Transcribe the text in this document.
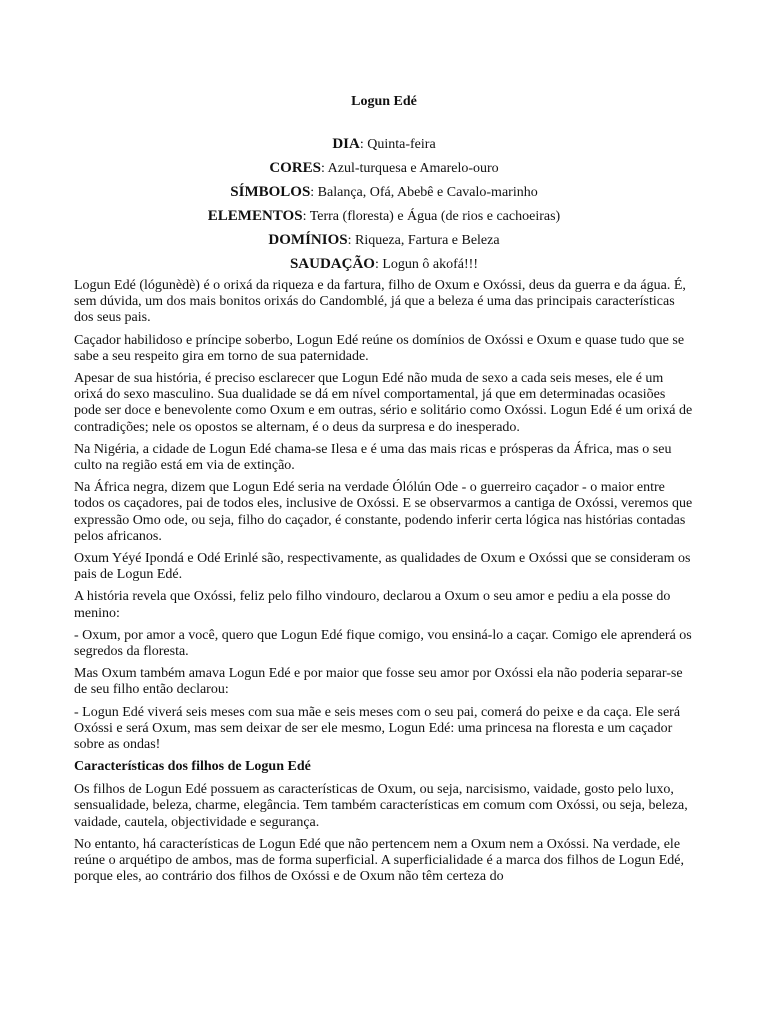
Logun Edé
DIA: Quinta-feira
CORES: Azul-turquesa e Amarelo-ouro
SÍMBOLOS: Balança, Ofá, Abebê e Cavalo-marinho
ELEMENTOS: Terra (floresta) e Água (de rios e cachoeiras)
DOMÍNIOS: Riqueza, Fartura e Beleza
SAUDAÇÃO: Logun ô akofá!!!

Logun Edé (lógunèdè) é o orixá da riqueza e da fartura, filho de Oxum e Oxóssi, deus da guerra e da água. É, sem dúvida, um dos mais bonitos orixás do Candomblé, já que a beleza é uma das principais características dos seus pais.

Caçador habilidoso e príncipe soberbo, Logun Edé reúne os domínios de Oxóssi e Oxum e quase tudo que se sabe a seu respeito gira em torno de sua paternidade.

Apesar de sua história, é preciso esclarecer que Logun Edé não muda de sexo a cada seis meses, ele é um orixá do sexo masculino. Sua dualidade se dá em nível comportamental, já que em determinadas ocasiões pode ser doce e benevolente como Oxum e em outras, sério e solitário como Oxóssi. Logun Edé é um orixá de contradições; nele os opostos se alternam, é o deus da surpresa e do inesperado.

Na Nigéria, a cidade de Logun Edé chama-se Ilesa e é uma das mais ricas e prósperas da África, mas o seu culto na região está em via de extinção.

Na África negra, dizem que Logun Edé seria na verdade Ólólún Ode - o guerreiro caçador - o maior entre todos os caçadores, pai de todos eles, inclusive de Oxóssi. E se observarmos a cantiga de Oxóssi, veremos que expressão Omo ode, ou seja, filho do caçador, é constante, podendo inferir certa lógica nas histórias contadas pelos africanos.

Oxum Yéyé Ipondá e Odé Erinlé são, respectivamente, as qualidades de Oxum e Oxóssi que se consideram os pais de Logun Edé.

A história revela que Oxóssi, feliz pelo filho vindouro, declarou a Oxum o seu amor e pediu a ela posse do menino:

- Oxum, por amor a você, quero que Logun Edé fique comigo, vou ensiná-lo a caçar. Comigo ele aprenderá os segredos da floresta.

Mas Oxum também amava Logun Edé e por maior que fosse seu amor por Oxóssi ela não poderia separar-se de seu filho então declarou:

- Logun Edé viverá seis meses com sua mãe e seis meses com o seu pai, comerá do peixe e da caça. Ele será Oxóssi e será Oxum, mas sem deixar de ser ele mesmo, Logun Edé: uma princesa na floresta e um caçador sobre as ondas!

Características dos filhos de Logun Edé

Os filhos de Logun Edé possuem as características de Oxum, ou seja, narcisismo, vaidade, gosto pelo luxo, sensualidade, beleza, charme, elegância. Tem também características em comum com Oxóssi, ou seja, beleza, vaidade, cautela, objectividade e segurança.

No entanto, há características de Logun Edé que não pertencem nem a Oxum nem a Oxóssi. Na verdade, ele reúne o arquétipo de ambos, mas de forma superficial. A superficialidade é a marca dos filhos de Logun Edé, porque eles, ao contrário dos filhos de Oxóssi e de Oxum não têm certeza do
